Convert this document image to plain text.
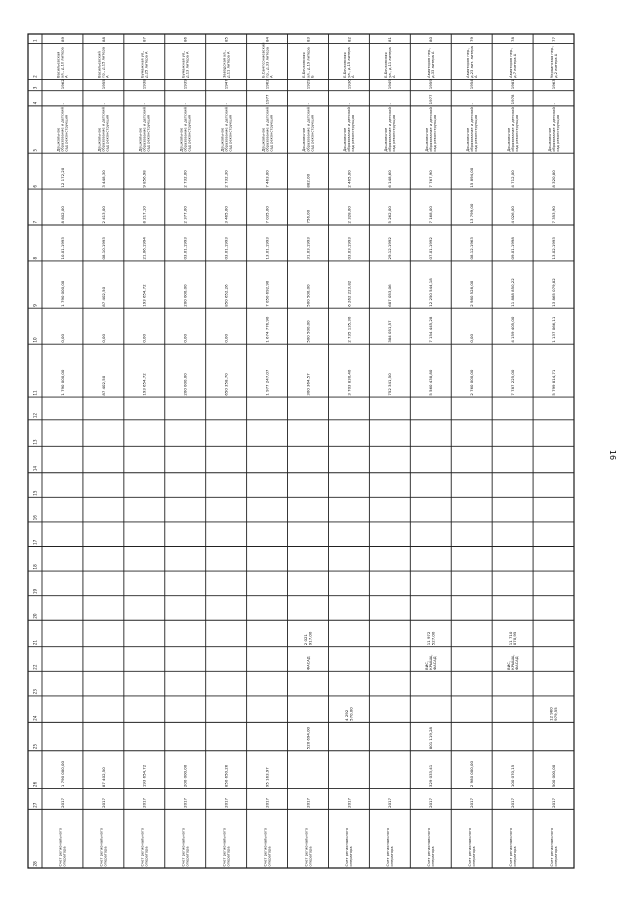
16
1
2
3
4
5
6
7
8
9
10
11
12
13
14
15
16
17
18
19
20
21
22
23
24
25
26
27
28
77
Украинская пер.,д.2 литера А
1963
-
Дошкольноеобразование и детскийсад реконструкция
8 320,80
7 353,90
13.02.1993
13 865 079,82
1 137 066,11
5 799 814,71
12 960979,55
500 000,00
2017
Счет региональногооператора
78
Авиаторов пер.,д.7 литера А
1981
1978
Дошкольноеобразование и детскийсад реконструкция
4 712,00
4 026,00
09.01.1998
11 888 850,22
4 159 405,00
7 787 225,00
11 710070,95
ВИС,КРЫША,ФАСАД
100 070,15
2017
Счет региональногооператора
79
Авиаторов пер.,д.23 лит. литераА
1954
-
Дошкольноеобразование и детскийсад реконструкция
15 894,00
13 799,00
08.12.1963
2 980 528,00
0,00
2 760 000,00
2 980 000,00
2017
Счет региональногооператора
80
Авиаторов пер.,д.33 литера А
1959
1977
Дошкольноеобразование и детскийсад реконструкция
7 767,90
7 168,00
07.01.1992
12 250 544,18
7 154 445,28
5 560 438,80
11 972527,00
ВИС,КРЫША,ФАСАД
801 119,28
329 033,41
2017
Счет региональногооператора
81
Б.Бочковскаяул., д.11 литераА
1949
-
Дошкольноеобразование и детскийсад реконструкция
6 148,60
5 262,00
29.12.1992
687 053,06
384 051,57
752 341,50
2017
Счет региональногооператора
82
Б.Бочковскаяул., д.15 литераА
1936
-
Дошкольноеобразование и детскийсад реконструкция
2 465,00
2 328,00
03.03.1993
6 262 223,82
2 735 135,30
3 703 830,40
4 292570,00
2017
Счет региональногооператора
83
Б.Бочковскаяул., д.19 литераБ
1929
-
Дошкольноеобразование и детскийсад реконструкция
882,00
756,00
31.03.1993
500 500,00
500 500,00
300 364,57
2 021917,00
ФАСАД
520 694,00
2017
Счет региональногооператора
84
Б.Сампсониевскийпр., д.33 литераА
1962
1977
Дошкольноеобразование и детскийсад реконструкция
7 463,00
7 035,00
13.01.1993
7 050 692,90
1 674 776,90
1 977 247,07
95 163,97
2017
Счет региональногооператора
85
Заводская ул.,д.11 литера А
1947
-
Дошкольноеобразование и детскийсад реконструкция
2 732,30
3 465,00
03.01.1993
850 652,26
0,00
650 358,70
850 650,26
2017
Счет региональногооператора
86
Бумажная ул.,д.13 литера А
1939
-
Дошкольноеобразование и детскийсад реконструкция
2 732,00
2 377,00
03.01.1993
200 000,00
0,00
200 000,00
200 000,00
2017
Счет региональногооператора
87
Бумажная ул.,д.25 литера А
1938
-
Дошкольноеобразование и детскийсад реконструкция
9 856,98
8 217,10
21.06.1994
193 654,72
0,00
193 654,72
193 654,72
2017
Счет региональногооператора
88
Васильевскийпр., д.15 литераА
1955
-
Дошкольноеобразование и детскийсад реконструкция
3 448,30
2 413,00
08.10.1993
87 402,50
0,00
87 402,50
87 402,50
2017
Счет региональногооператора
89
Васильевскаяул., д.10 литераА
1962
-
Дошкольноеобразование и детскийсад реконструкция
12 172,20
8 802,00
10.01.1993
1 790 000,00
0,00
1 790 000,00
1 790 000,00
2017
Счет региональногооператора
